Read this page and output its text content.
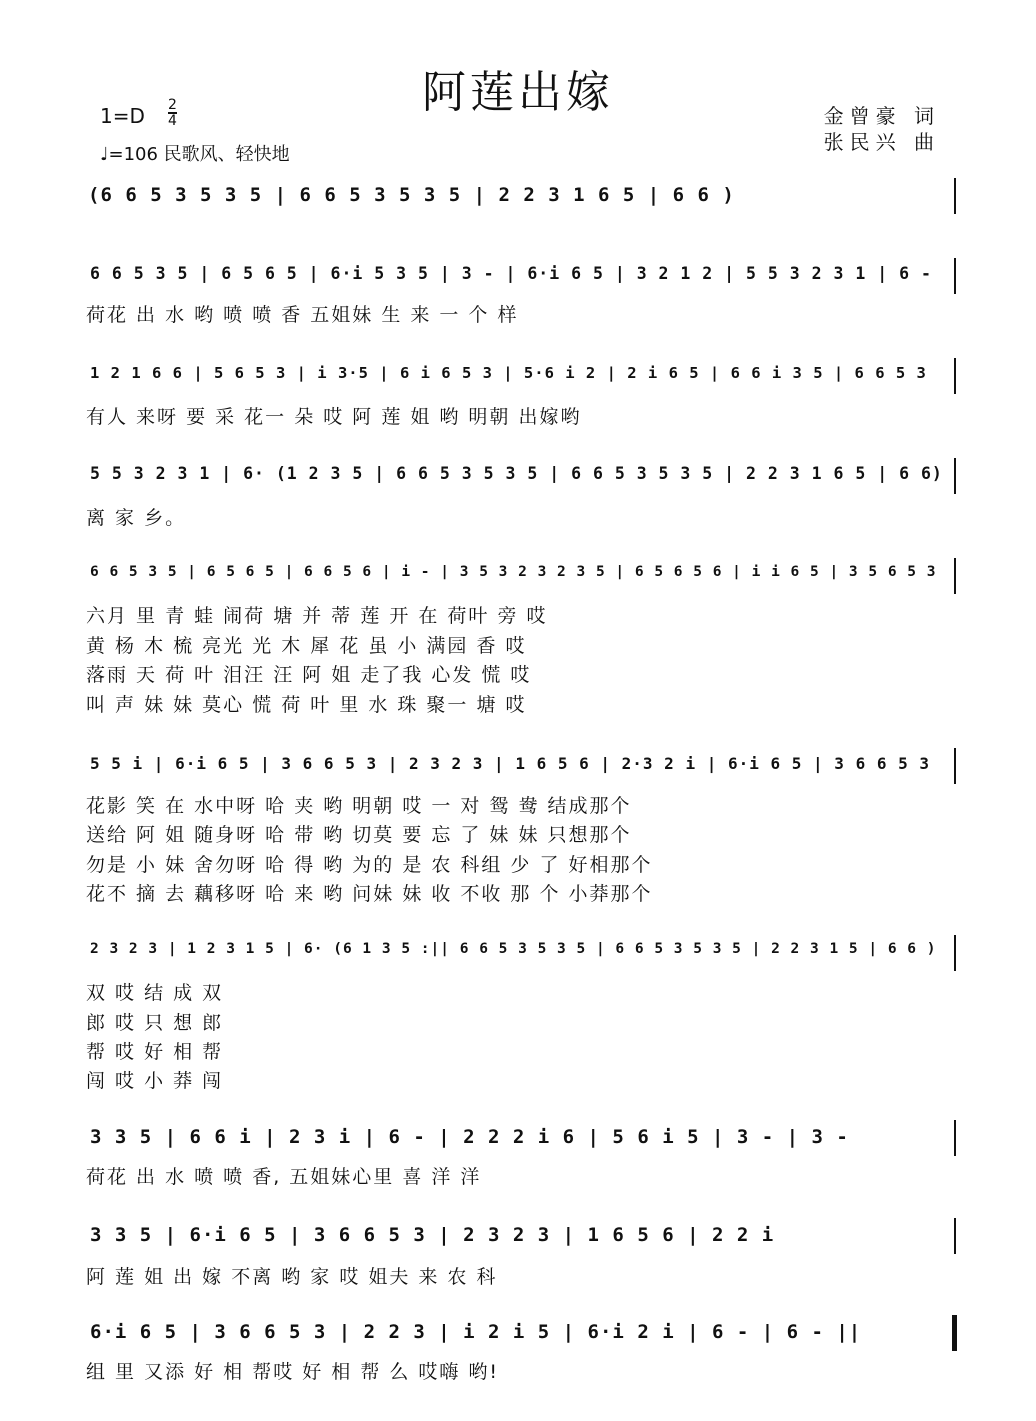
阿莲出嫁
$1=D \frac{2}{4}$
♩=106 民歌风、轻快地
金曾豪 词
张民兴 曲
(6 6 5 3 5 3 5 | 6 6 5 3 5 3 5 | 2 2 3 1 6 5 | 6 6 )
6 6 5 3 5 | 6 5 6 5 | 6·i 5 3 5 | 3 - | 6·i 6 5 | 3 2 1 2 | 5 5 3 2 3 1 | 6 -
荷花 出 水 哟 喷 喷 香 五姐妹 生 来 一 个 样
1 2 1 6 6 | 5 6 5 3 | i 3·5 | 6 i 6 5 3 | 5·6 i 2 | 2 i 6 5 | 6 6 i 3 5 | 6 6 5 3
有人 来呀 要 采 花一 朵 哎 阿 莲 姐 哟 明朝 出嫁哟
5 5 3 2 3 1 | 6· (1 2 3 5 | 6 6 5 3 5 3 5 | 6 6 5 3 5 3 5 | 2 2 3 1 6 5 | 6 6)
离 家 乡。
6 6 5 3 5 | 6 5 6 5 | 6 6 5 6 | i - | 3 5 3 2 3 2 3 5 | 6 5 6 5 6 | i i 6 5 | 3 5 6 5 3
六月 里 青 蛙 闹荷 塘 并 蒂 莲 开 在 荷叶 旁 哎
黄 杨 木 梳 亮光 光 木 犀 花 虽 小 满园 香 哎
落雨 天 荷 叶 泪汪 汪 阿 姐 走了我 心发 慌 哎
叫 声 妹 妹 莫心 慌 荷 叶 里 水 珠 聚一 塘 哎
5 5 i | 6·i 6 5 | 3 6 6 5 3 | 2 3 2 3 | 1 6 5 6 | 2·3 2 i | 6·i 6 5 | 3 6 6 5 3
花影 笑 在 水中呀 哈 夹 哟 明朝 哎 一 对 鸳 鸯 结成那个
送给 阿 姐 随身呀 哈 带 哟 切莫 要 忘 了 妹 妹 只想那个
勿是 小 妹 舍勿呀 哈 得 哟 为的 是 农 科组 少 了 好相那个
花不 摘 去 藕移呀 哈 来 哟 问妹 妹 收 不收 那 个 小莽那个
2 3 2 3 | 1 2 3 1 5 | 6· (6 1 3 5 :|| 6 6 5 3 5 3 5 | 6 6 5 3 5 3 5 | 2 2 3 1 5 | 6 6 )
双 哎 结 成 双
郎 哎 只 想 郎
帮 哎 好 相 帮
闯 哎 小 莽 闯
3 3 5 | 6 6 i | 2 3 i | 6 - | 2 2 2 i 6 | 5 6 i 5 | 3 - | 3 -
荷花 出 水 喷 喷 香, 五姐妹心里 喜 洋 洋
3 3 5 | 6·i 6 5 | 3 6 6 5 3 | 2 3 2 3 | 1 6 5 6 | 2 2 i
阿 莲 姐 出 嫁 不离 哟 家 哎 姐夫 来 农 科
6·i 6 5 | 3 6 6 5 3 | 2 2 3 | i 2 i 5 | 6·i 2 i | 6 - | 6 - ||
组 里 又添 好 相 帮哎 好 相 帮 么 哎嗨 哟!
